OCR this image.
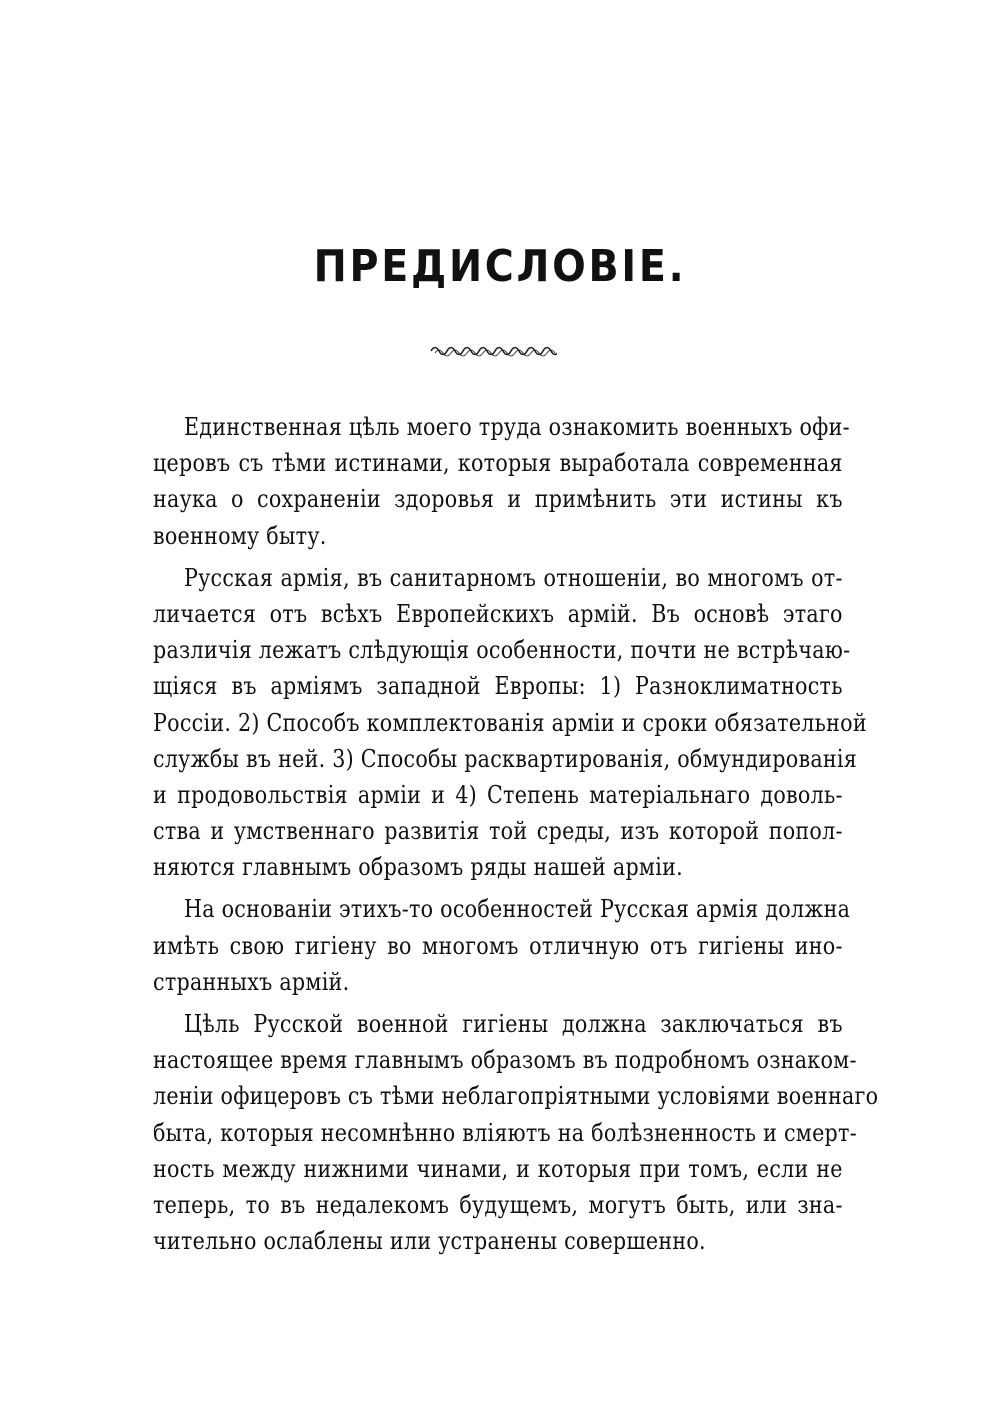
ПРЕДИСЛОВІЕ.
Единственная цѣль моего труда ознакомить военныхъ офи-
церовъ съ тѣми истинами, которыя выработала современная
наука о сохраненіи здоровья и примѣнить эти истины къ
военному быту.
Русская армія, въ санитарномъ отношеніи, во многомъ от-
личается отъ всѣхъ Европейскихъ армій. Въ основѣ этаго
различія лежатъ слѣдующія особенности, почти не встрѣчаю-
щіяся въ арміямъ западной Европы: 1) Разноклиматность
Россіи. 2) Способъ комплектованія арміи и сроки обязательной
службы въ ней. 3) Способы расквартированія, обмундированія
и продовольствія арміи и 4) Степень матеріальнаго доволь-
ства и умственнаго развитія той среды, изъ которой попол-
няются главнымъ образомъ ряды нашей арміи.
На основаніи этихъ-то особенностей Русская армія должна
имѣть свою гигіену во многомъ отличную отъ гигіены ино-
странныхъ армій.
Цѣль Русской военной гигіены должна заключаться въ
настоящее время главнымъ образомъ въ подробномъ ознаком-
леніи офицеровъ съ тѣми неблагопріятными условіями военнаго
быта, которыя несомнѣнно вліяютъ на болѣзненность и смерт-
ность между нижними чинами, и которыя при томъ, если не
теперь, то въ недалекомъ будущемъ, могутъ быть, или зна-
чительно ослаблены или устранены совершенно.
